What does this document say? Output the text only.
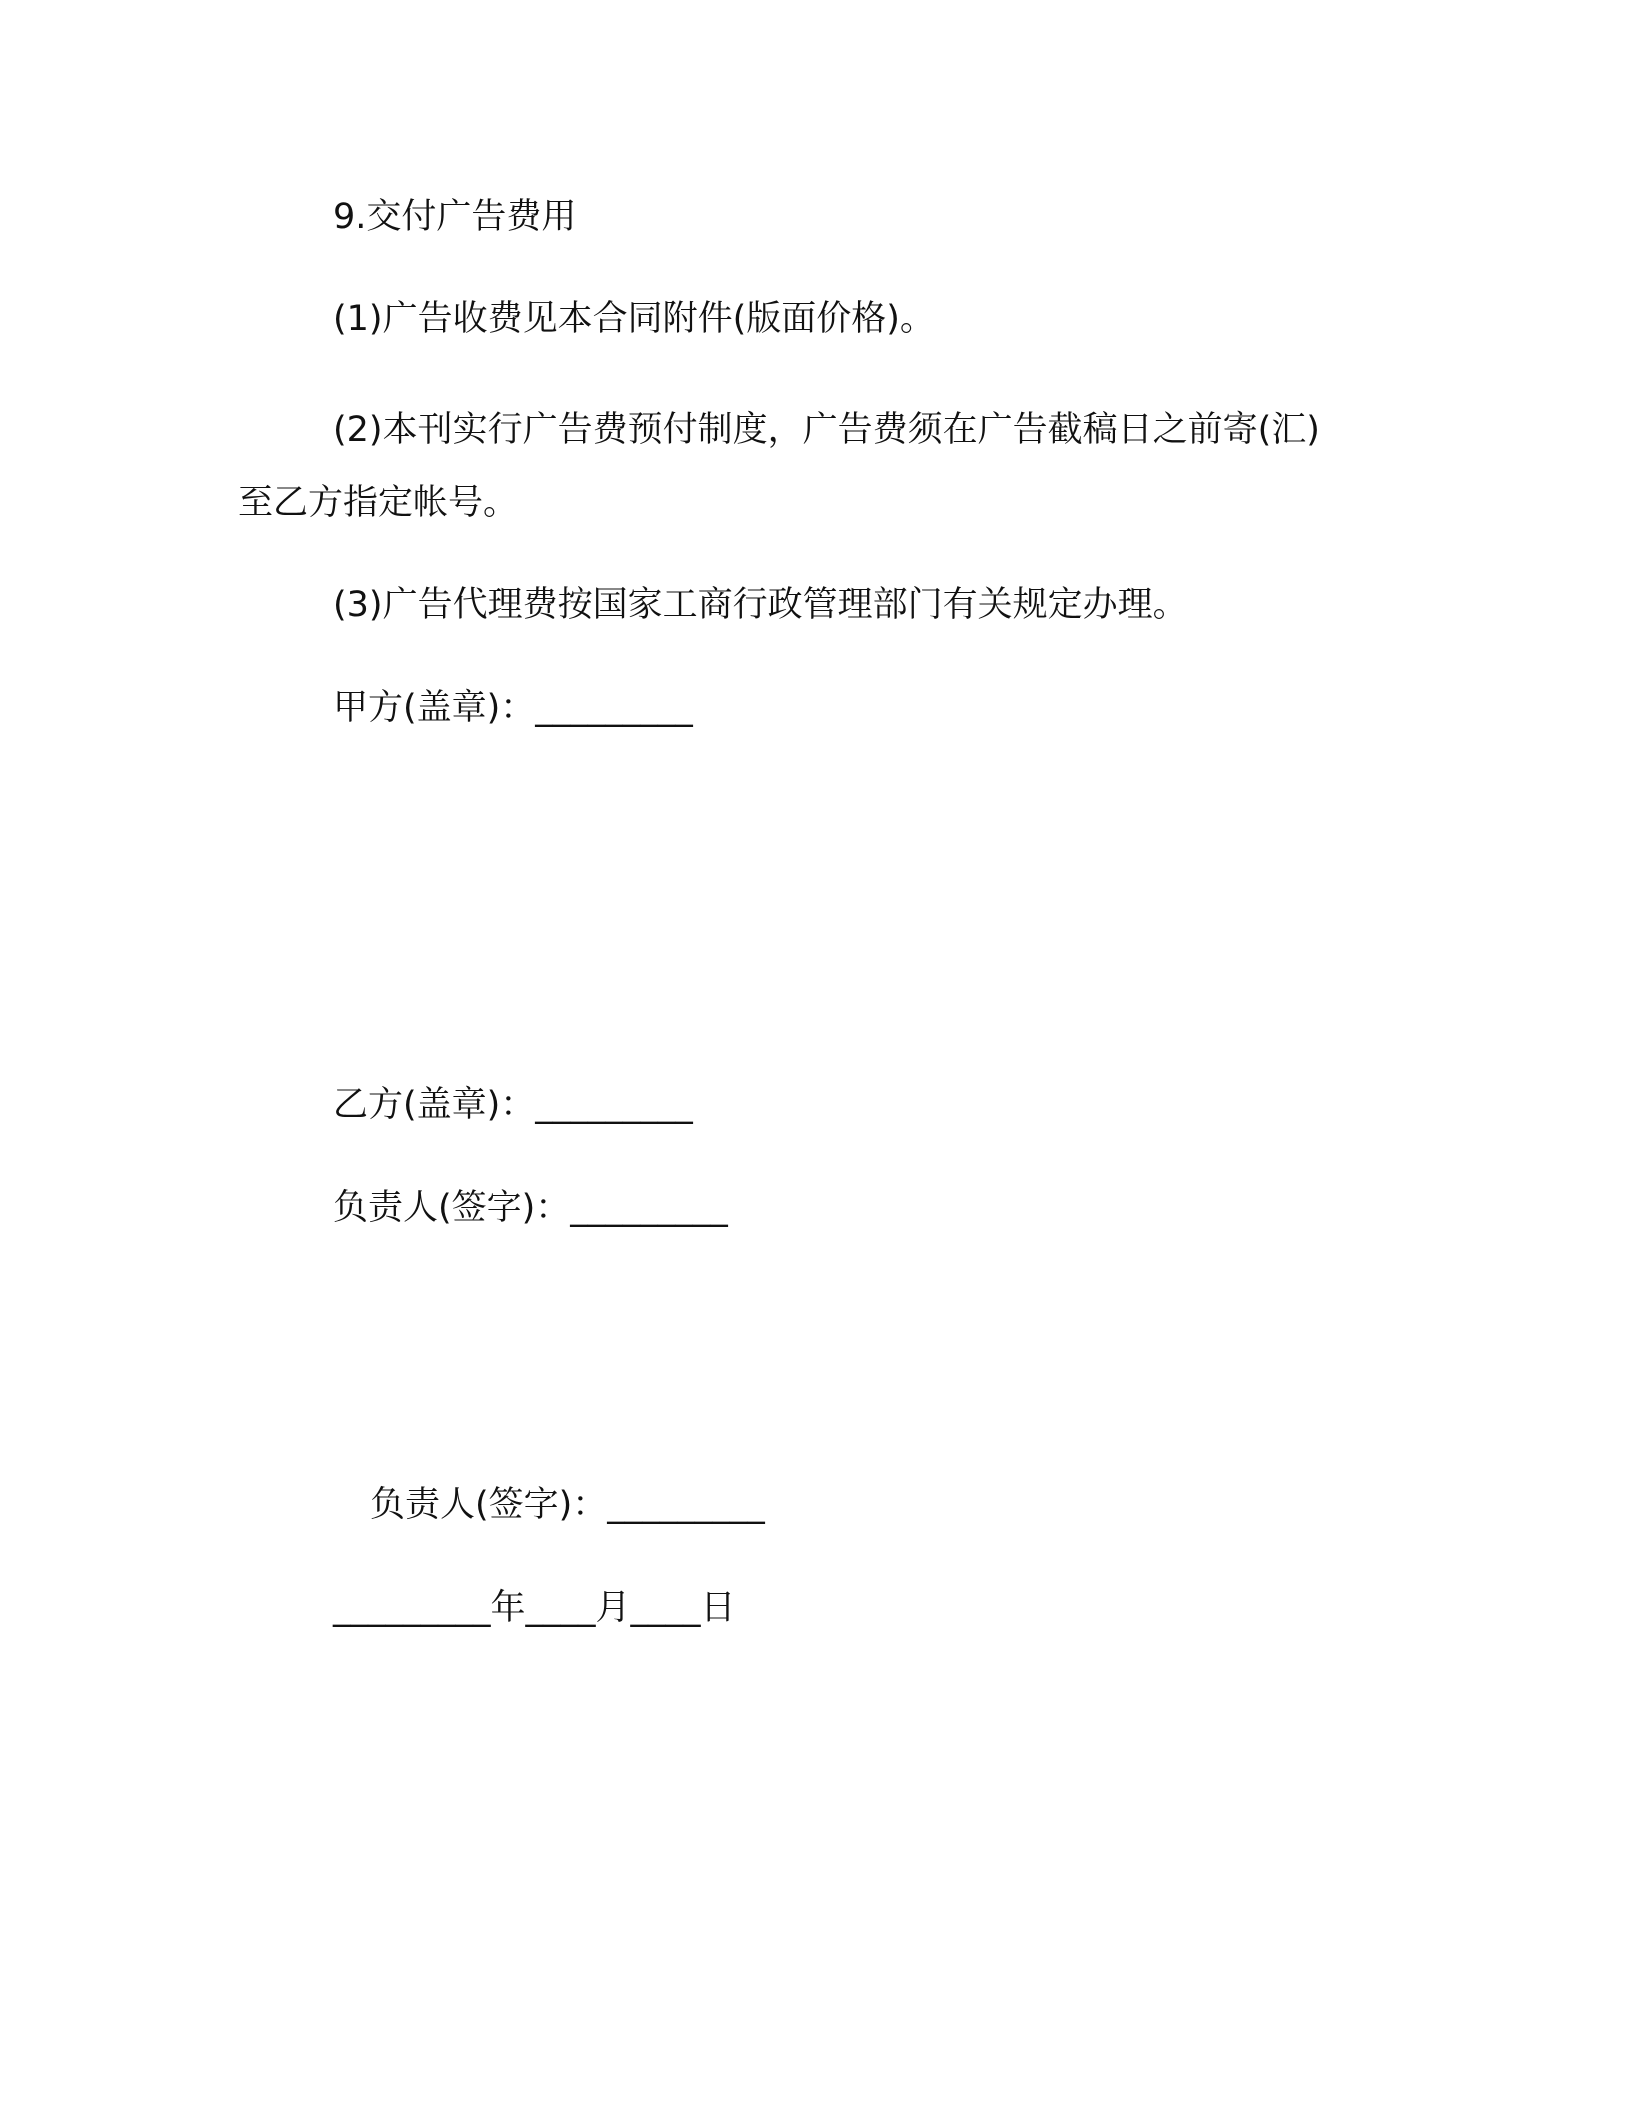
9.交付广告费用

(1)广告收费见本合同附件(版面价格)。

(2)本刊实行广告费预付制度，广告费须在广告截稿日之前寄(汇)

至乙方指定帐号。

(3)广告代理费按国家工商行政管理部门有关规定办理。

甲方(盖章)：_________

乙方(盖章)：_________

负责人(签字)：_________

负责人(签字)：_________

_________年____月____日
